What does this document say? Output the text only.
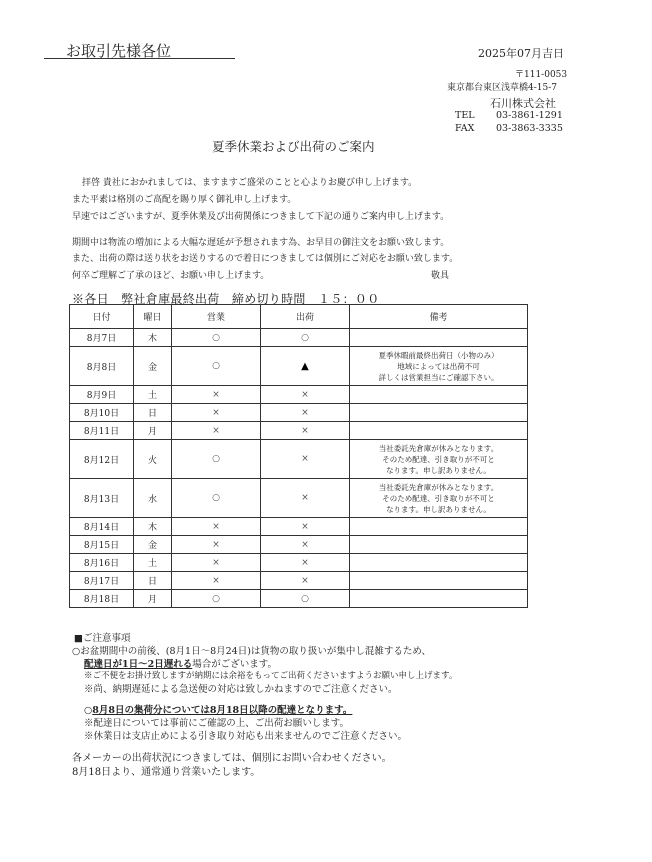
お取引先様各位	2025年07月吉日
〒111-0053
東京都台東区浅草橋4-15-7
石川株式会社
TEL 03-3861-1291
FAX 03-3863-3335
夏季休業および出荷のご案内
拝啓 貴社におかれましては、ますますご盛栄のことと心よりお慶び申し上げます。
また平素は格別のご高配を賜り厚く御礼申し上げます。
早速ではございますが、夏季休業及び出荷関係につきまして下記の通りご案内申し上げます。
期間中は物流の増加による大幅な遅延が予想されます為、お早目の御注文をお願い致します。
また、出荷の際は送り状をお送りするので着日につきましては個別にご対応をお願い致します。
何卒ご理解ご了承のほど、お願い申し上げます。	敬具
※各日　弊社倉庫最終出荷　締め切り時間　１５：００
日付	曜日	営業	出荷	備考
8月7日	木	○	○	
8月8日	金	○	▲	夏季休暇前最終出荷日（小物のみ）
地域によっては出荷不可
詳しくは営業担当にご確認下さい。

8月9日	土	×	×	
8月10日	日	×	×	
8月11日	月	×	×	
8月12日	火	○	×	当社委託先倉庫が休みとなります。
そのため配達、引き取りが不可と
なります。申し訳ありません。

8月13日	水	○	×	当社委託先倉庫が休みとなります。
そのため配達、引き取りが不可と
なります。申し訳ありません。

8月14日	木	×	×	
8月15日	金	×	×	
8月16日	土	×	×	
8月17日	日	×	×	
8月18日	月	○	○	
■ご注意事項
○お盆期間中の前後、(8月1日～8月24日)は貨物の取り扱いが集中し混雑するため、
配達日が1日～2日遅れる場合がございます。
※ご不便をお掛け致しますが納期には余裕をもってご出荷くださいますようお願い申し上げます。
※尚、納期遅延による急送便の対応は致しかねますのでご注意ください。
○8月8日の集荷分については8月18日以降の配達となります。
※配達日については事前にご確認の上、ご出荷お願いします。
※休業日は支店止めによる引き取り対応も出来ませんのでご注意ください。
各メーカーの出荷状況につきましては、個別にお問い合わせください。
8月18日より、通常通り営業いたします。
